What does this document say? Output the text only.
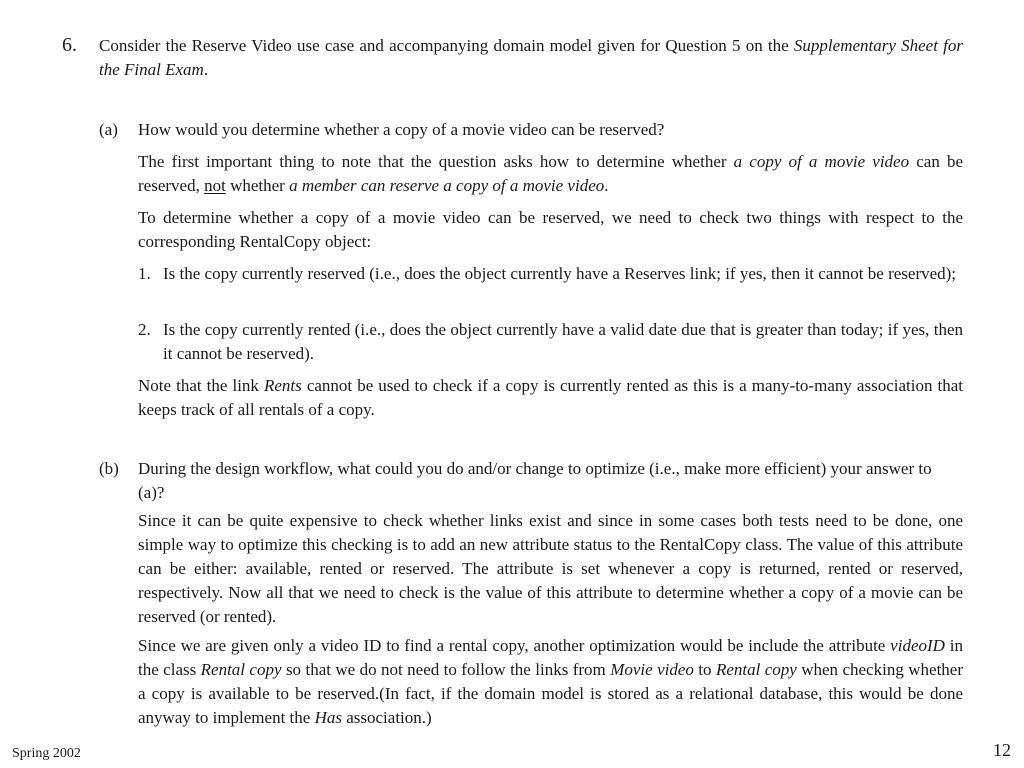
6. Consider the Reserve Video use case and accompanying domain model given for Question 5 on the Supplementary Sheet for the Final Exam.
(a)	How would you determine whether a copy of a movie video can be reserved?
The first important thing to note that the question asks how to determine whether a copy of a movie video can be reserved, not whether a member can reserve a copy of a movie video.
To determine whether a copy of a movie video can be reserved, we need to check two things with respect to the corresponding RentalCopy object:
1. Is the copy currently reserved (i.e., does the object currently have a Reserves link; if yes, then it cannot be reserved);
2. Is the copy currently rented (i.e., does the object currently have a valid date due that is greater than today; if yes, then it cannot be reserved).
Note that the link Rents cannot be used to check if a copy is currently rented as this is a many-to-many association that keeps track of all rentals of a copy.
(b)	During the design workflow, what could you do and/or change to optimize (i.e., make more efficient) your answer to (a)?
Since it can be quite expensive to check whether links exist and since in some cases both tests need to be done, one simple way to optimize this checking is to add an new attribute status to the RentalCopy class. The value of this attribute can be either: available, rented or reserved. The attribute is set whenever a copy is returned, rented or reserved, respectively. Now all that we need to check is the value of this attribute to determine whether a copy of a movie can be reserved (or rented).
Since we are given only a video ID to find a rental copy, another optimization would be include the attribute videoID in the class Rental copy so that we do not need to follow the links from Movie video to Rental copy when checking whether a copy is available to be reserved.(In fact, if the domain model is stored as a relational database, this would be done anyway to implement the Has association.)
Spring 2002	12
